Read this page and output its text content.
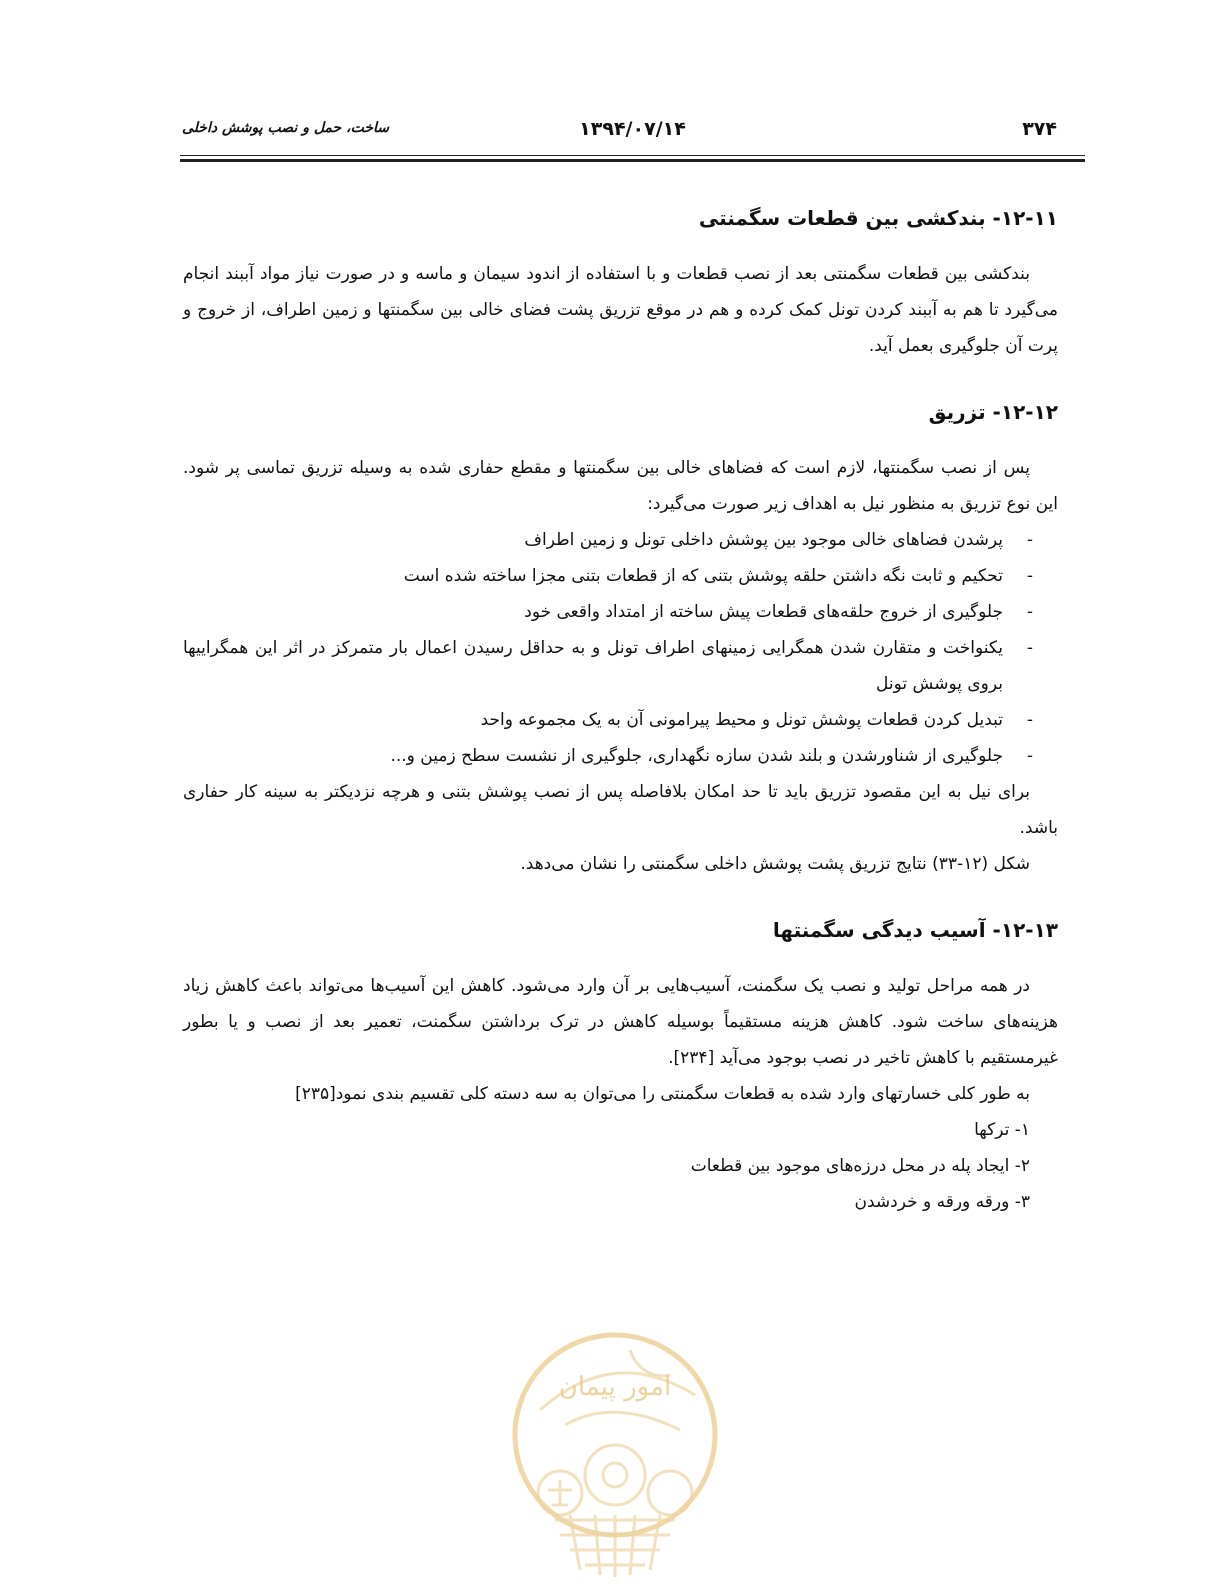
۳۷۴
۱۳۹۴/۰۷/۱۴
ساخت، حمل و نصب پوشش داخلی
۱۲-۱۱- بندکشی بین قطعات سگمنتی

بندکشی بین قطعات سگمنتی بعد از نصب قطعات و با استفاده از اندود سیمان و ماسه و در صورت نیاز مواد آببند انجام می‌گیرد تا هم به آببند کردن تونل کمک کرده و هم در موقع تزریق پشت فضای خالی بین سگمنتها و زمین اطراف، از خروج و پرت آن جلوگیری بعمل آید.

۱۲-۱۲- تزریق

پس از نصب سگمنتها، لازم است که فضاهای خالی بین سگمنتها و مقطع حفاری شده به وسیله تزریق تماسی پر شود. این نوع تزریق به منظور نیل به اهداف زیر صورت می‌گیرد:

-
پرشدن فضاهای خالی موجود بین پوشش داخلی تونل و زمین اطراف
-
تحکیم و ثابت نگه داشتن حلقه پوشش بتنی که از قطعات بتنی مجزا ساخته شده است
-
جلوگیری از خروج حلقه‌های قطعات پیش ساخته از امتداد واقعی خود
-
یکنواخت و متقارن شدن همگرایی زمینهای اطراف تونل و به حداقل رسیدن اعمال بار متمرکز در اثر این همگراییها بروی پوشش تونل
-
تبدیل کردن قطعات پوشش تونل و محیط پیرامونی آن به یک مجموعه واحد
-
جلوگیری از شناورشدن و بلند شدن سازه نگهداری، جلوگیری از نشست سطح زمین و...

برای نیل به این مقصود تزریق باید تا حد امکان بلافاصله پس از نصب پوشش بتنی و هرچه نزدیکتر به سینه کار حفاری باشد.

شکل (۱۲-۳۳) نتایج تزریق پشت پوشش داخلی سگمنتی را نشان می‌دهد.

۱۲-۱۳- آسیب دیدگی سگمنتها

در همه مراحل تولید و نصب یک سگمنت، آسیب‌هایی بر آن وارد می‌شود. کاهش این آسیب‌ها می‌تواند باعث کاهش زیاد هزینه‌های ساخت شود. کاهش هزینه مستقیماً بوسیله کاهش در ترک برداشتن سگمنت، تعمیر بعد از نصب و یا بطور غیرمستقیم با کاهش تاخیر در نصب بوجود می‌آید [۲۳۴].

به طور کلی خسارتهای وارد شده به قطعات سگمنتی را می‌توان به سه دسته کلی تقسیم بندی نمود[۲۳۵]

۱- ترکها
۲- ایجاد پله در محل درزه‌های موجود بین قطعات
۳- ورقه ورقه و خردشدن
امور پیمان
